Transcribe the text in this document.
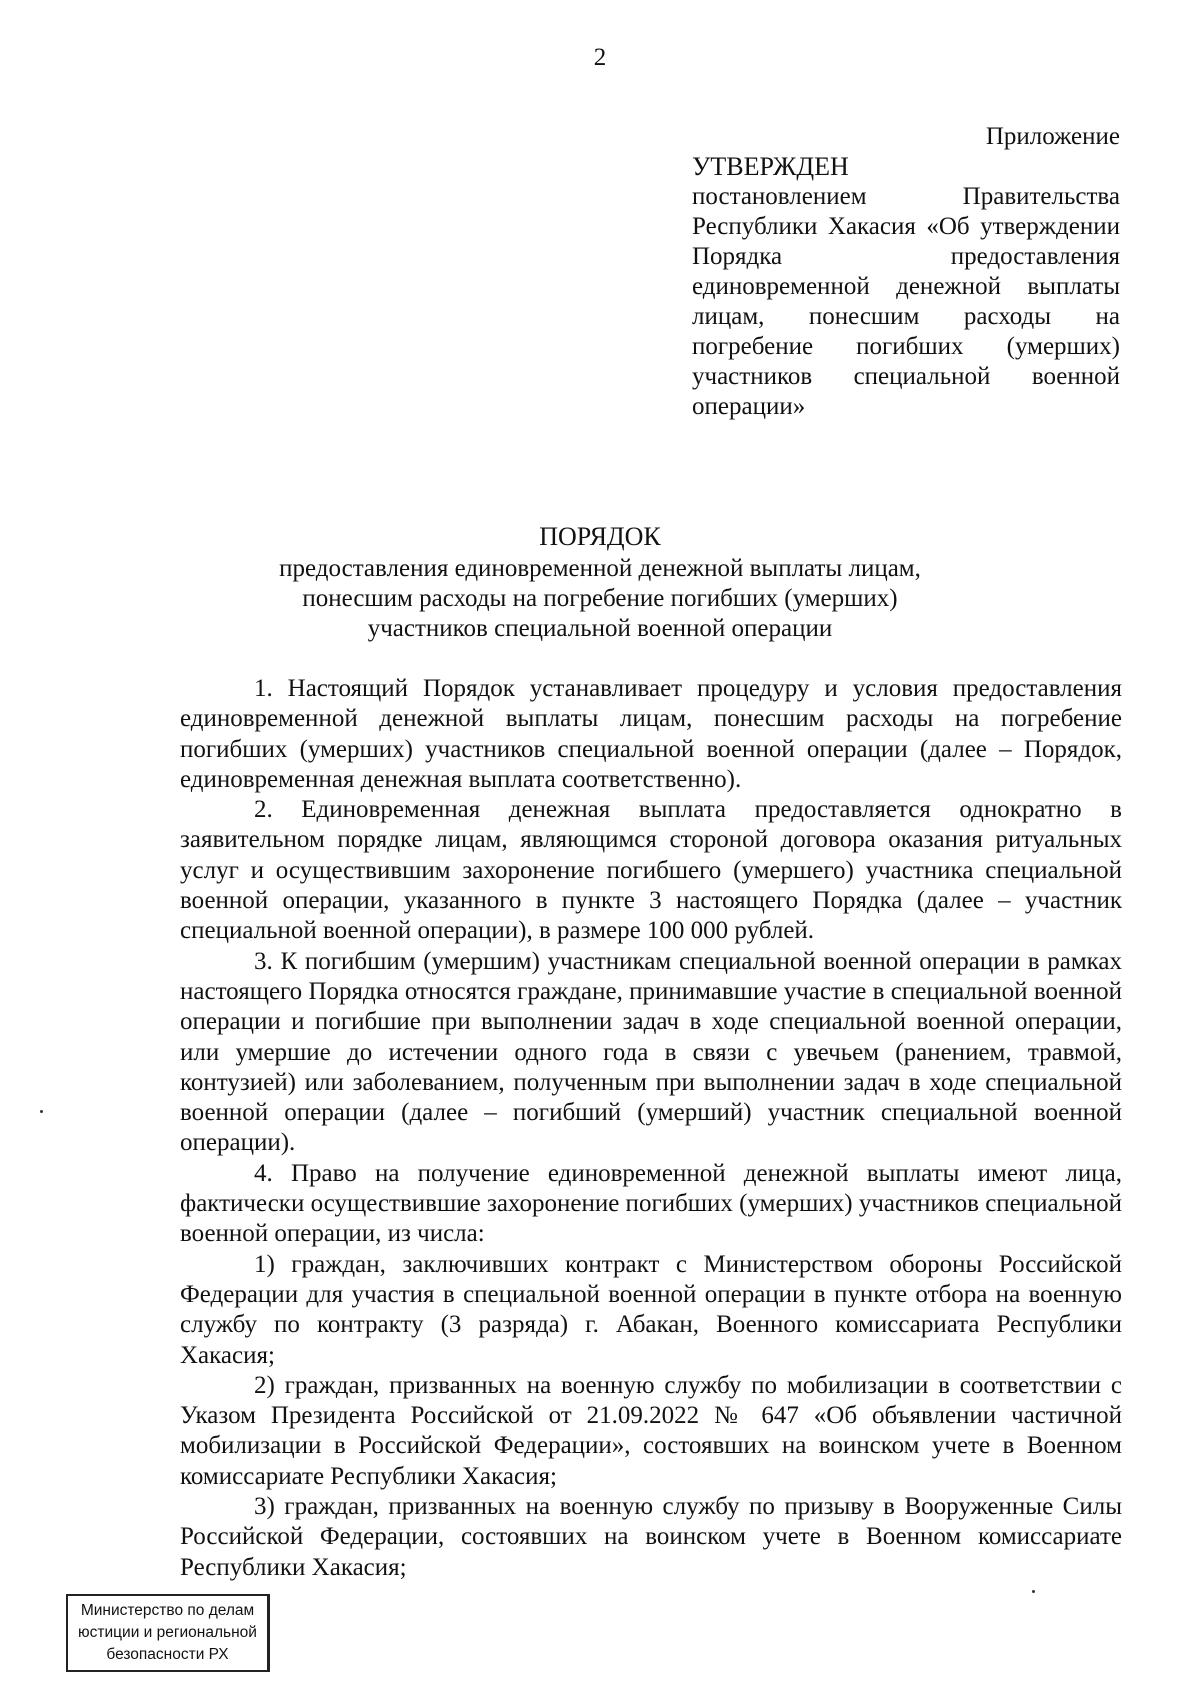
2
Приложение
УТВЕРЖДЕН
постановлением Правительства Республики Хакасия «Об утверждении Порядка предоставления единовременной денежной выплаты лицам, понесшим расходы на погребение погибших (умерших) участников специальной военной операции»
ПОРЯДОК
предоставления единовременной денежной выплаты лицам,
понесшим расходы на погребение погибших (умерших)
участников специальной военной операции

1. Настоящий Порядок устанавливает процедуру и условия предоставления единовременной денежной выплаты лицам, понесшим расходы на погребение погибших (умерших) участников специальной военной операции (далее – Порядок, единовременная денежная выплата соответственно).

2. Единовременная денежная выплата предоставляется однократно в заявительном порядке лицам, являющимся стороной договора оказания ритуальных услуг и осуществившим захоронение погибшего (умершего) участника специальной военной операции, указанного в пункте 3 настоящего Порядка (далее – участник специальной военной операции), в размере 100 000 рублей.

3. К погибшим (умершим) участникам специальной военной операции в рамках настоящего Порядка относятся граждане, принимавшие участие в специальной военной операции и погибшие при выполнении задач в ходе специальной военной операции, или умершие до истечении одного года в связи с увечьем (ранением, травмой, контузией) или заболеванием, полученным при выполнении задач в ходе специальной военной операции (далее – погибший (умерший) участник специальной военной операции).

4. Право на получение единовременной денежной выплаты имеют лица, фактически осуществившие захоронение погибших (умерших) участников специальной военной операции, из числа:

1) граждан, заключивших контракт с Министерством обороны Российской Федерации для участия в специальной военной операции в пункте отбора на военную службу по контракту (3 разряда) г. Абакан, Военного комиссариата Республики Хакасия;

2) граждан, призванных на военную службу по мобилизации в соответствии с Указом Президента Российской от 21.09.2022 № 647 «Об объявлении частичной мобилизации в Российской Федерации», состоявших на воинском учете в Военном комиссариате Республики Хакасия;

3) граждан, призванных на военную службу по призыву в Вооруженные Силы Российской Федерации, состоявших на воинском учете в Военном комиссариате Республики Хакасия;

Министерство по делам
юстиции и региональной
безопасности РХ
